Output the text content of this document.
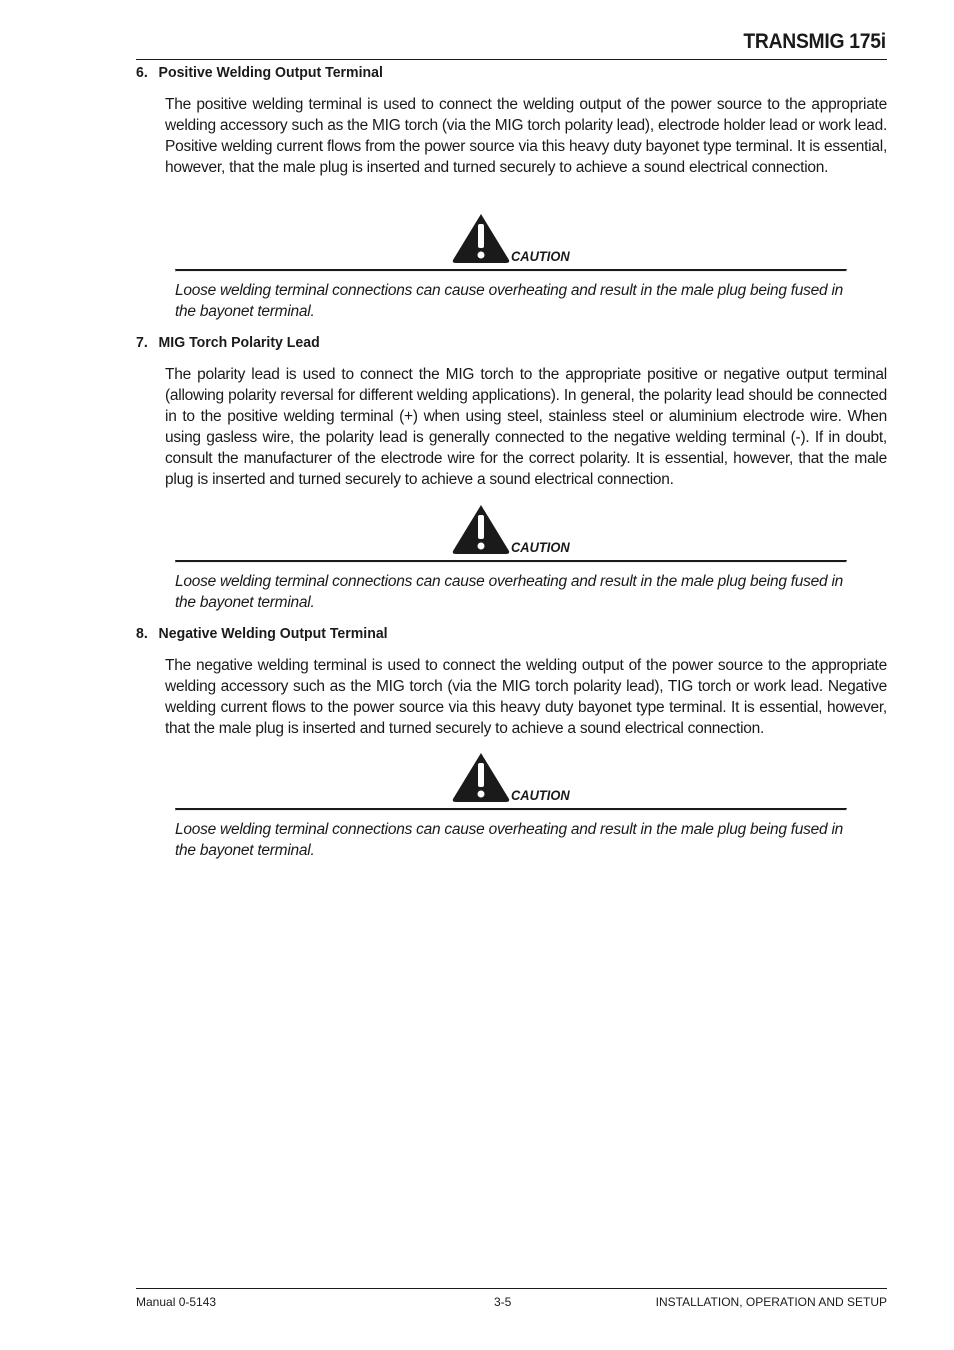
TRANSMIG 175i

6. Positive Welding Output Terminal

The positive welding terminal is used to connect the welding output of the power source to the appropriate welding accessory such as the MIG torch (via the MIG torch polarity lead), electrode holder lead or work lead. Positive welding current flows from the power source via this heavy duty bayonet type terminal. It is essential, however, that the male plug is inserted and turned securely to achieve a sound electrical connection.

CAUTION

Loose welding terminal connections can cause overheating and result in the male plug being fused in the bayonet terminal.

7. MIG Torch Polarity Lead

The polarity lead is used to connect the MIG torch to the appropriate positive or negative output terminal (allowing polarity reversal for different welding applications). In general, the polarity lead should be connected in to the positive welding terminal (+) when using steel, stainless steel or aluminium electrode wire. When using gasless wire, the polarity lead is generally connected to the negative welding terminal (-). If in doubt, consult the manufacturer of the electrode wire for the correct polarity. It is essential, however, that the male plug is inserted and turned securely to achieve a sound electrical connection.

CAUTION

Loose welding terminal connections can cause overheating and result in the male plug being fused in the bayonet terminal.

8. Negative Welding Output Terminal

The negative welding terminal is used to connect the welding output of the power source to the appropriate welding accessory such as the MIG torch (via the MIG torch polarity lead), TIG torch or work lead. Negative welding current flows to the power source via this heavy duty bayonet type terminal. It is essential, however, that the male plug is inserted and turned securely to achieve a sound electrical connection.

CAUTION

Loose welding terminal connections can cause overheating and result in the male plug being fused in the bayonet terminal.

Manual 0-5143	3-5	INSTALLATION, OPERATION AND SETUP
